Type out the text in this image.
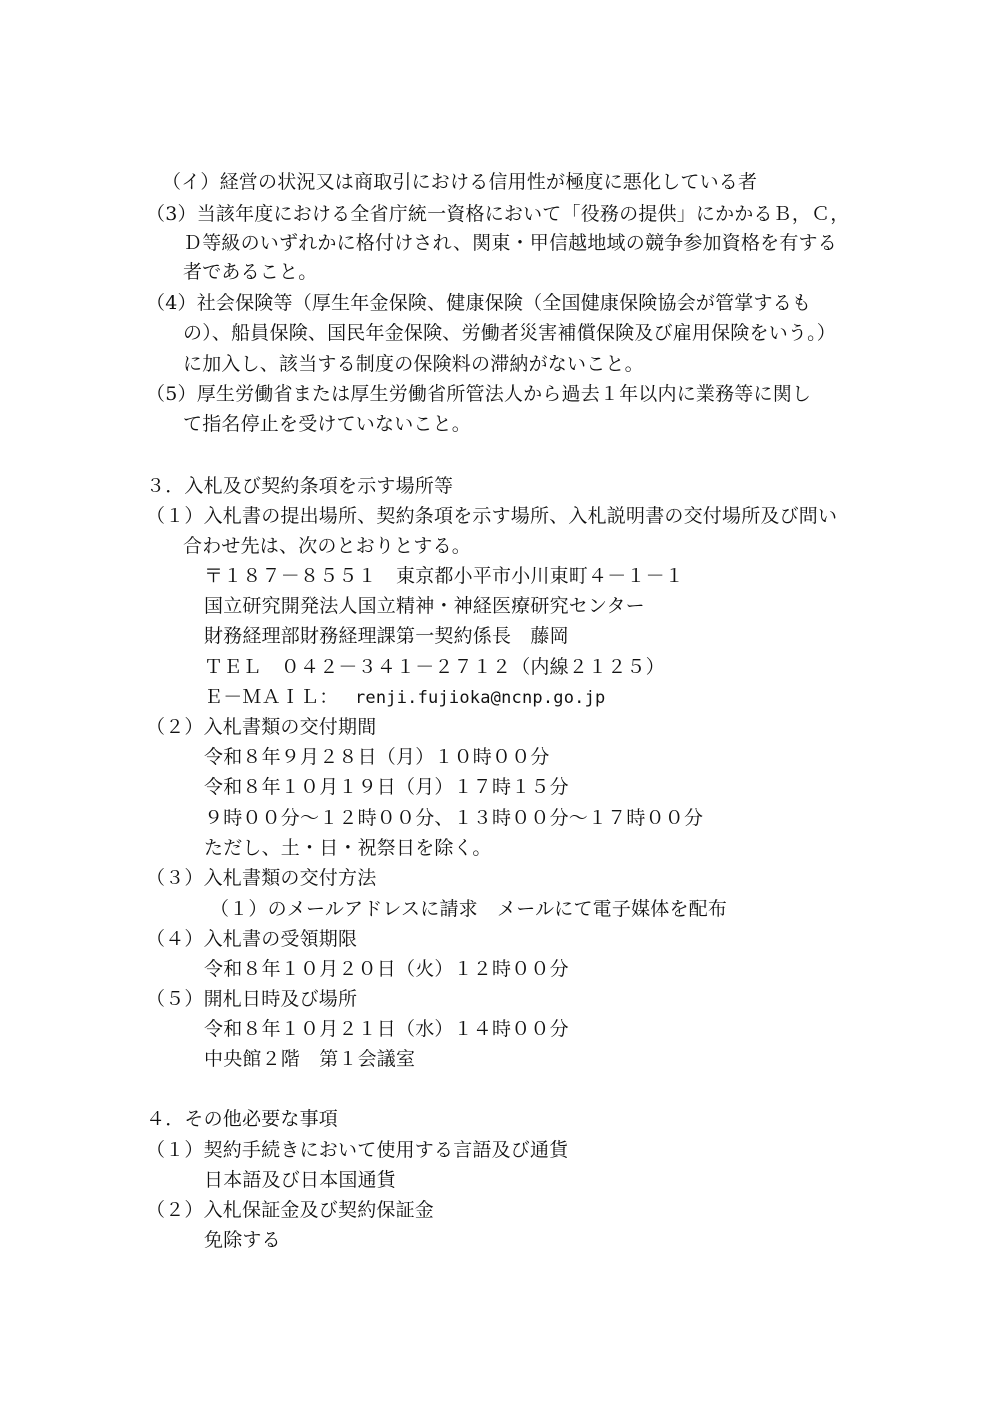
（イ）経営の状況又は商取引における信用性が極度に悪化している者
（3）当該年度における全省庁統一資格において「役務の提供」にかかるＢ，Ｃ，
Ｄ等級のいずれかに格付けされ、関東・甲信越地域の競争参加資格を有する
者であること。
（4）社会保険等（厚生年金保険、健康保険（全国健康保険協会が管掌するも
の）、船員保険、国民年金保険、労働者災害補償保険及び雇用保険をいう。）
に加入し、該当する制度の保険料の滞納がないこと。
（5）厚生労働省または厚生労働省所管法人から過去１年以内に業務等に関し
て指名停止を受けていないこと。
３．入札及び契約条項を示す場所等
（１）入札書の提出場所、契約条項を示す場所、入札説明書の交付場所及び問い
合わせ先は、次のとおりとする。
〒１８７－８５５１　東京都小平市小川東町４－１－１
国立研究開発法人国立精神・神経医療研究センター
財務経理部財務経理課第一契約係長　藤岡
ＴＥＬ　０４２－３４１－２７１２（内線２１２５）
Ｅ－ＭＡＩＬ： renji.fujioka@ncnp.go.jp
（２）入札書類の交付期間
令和８年９月２８日（月）１０時００分
令和８年１０月１９日（月）１７時１５分
９時００分～１２時００分、１３時００分～１７時００分
ただし、土・日・祝祭日を除く。
（３）入札書類の交付方法
（１）のメールアドレスに請求　メールにて電子媒体を配布
（４）入札書の受領期限
令和８年１０月２０日（火）１２時００分
（５）開札日時及び場所
令和８年１０月２１日（水）１４時００分
中央館２階　第１会議室
４．その他必要な事項
（１）契約手続きにおいて使用する言語及び通貨
日本語及び日本国通貨
（２）入札保証金及び契約保証金
免除する
